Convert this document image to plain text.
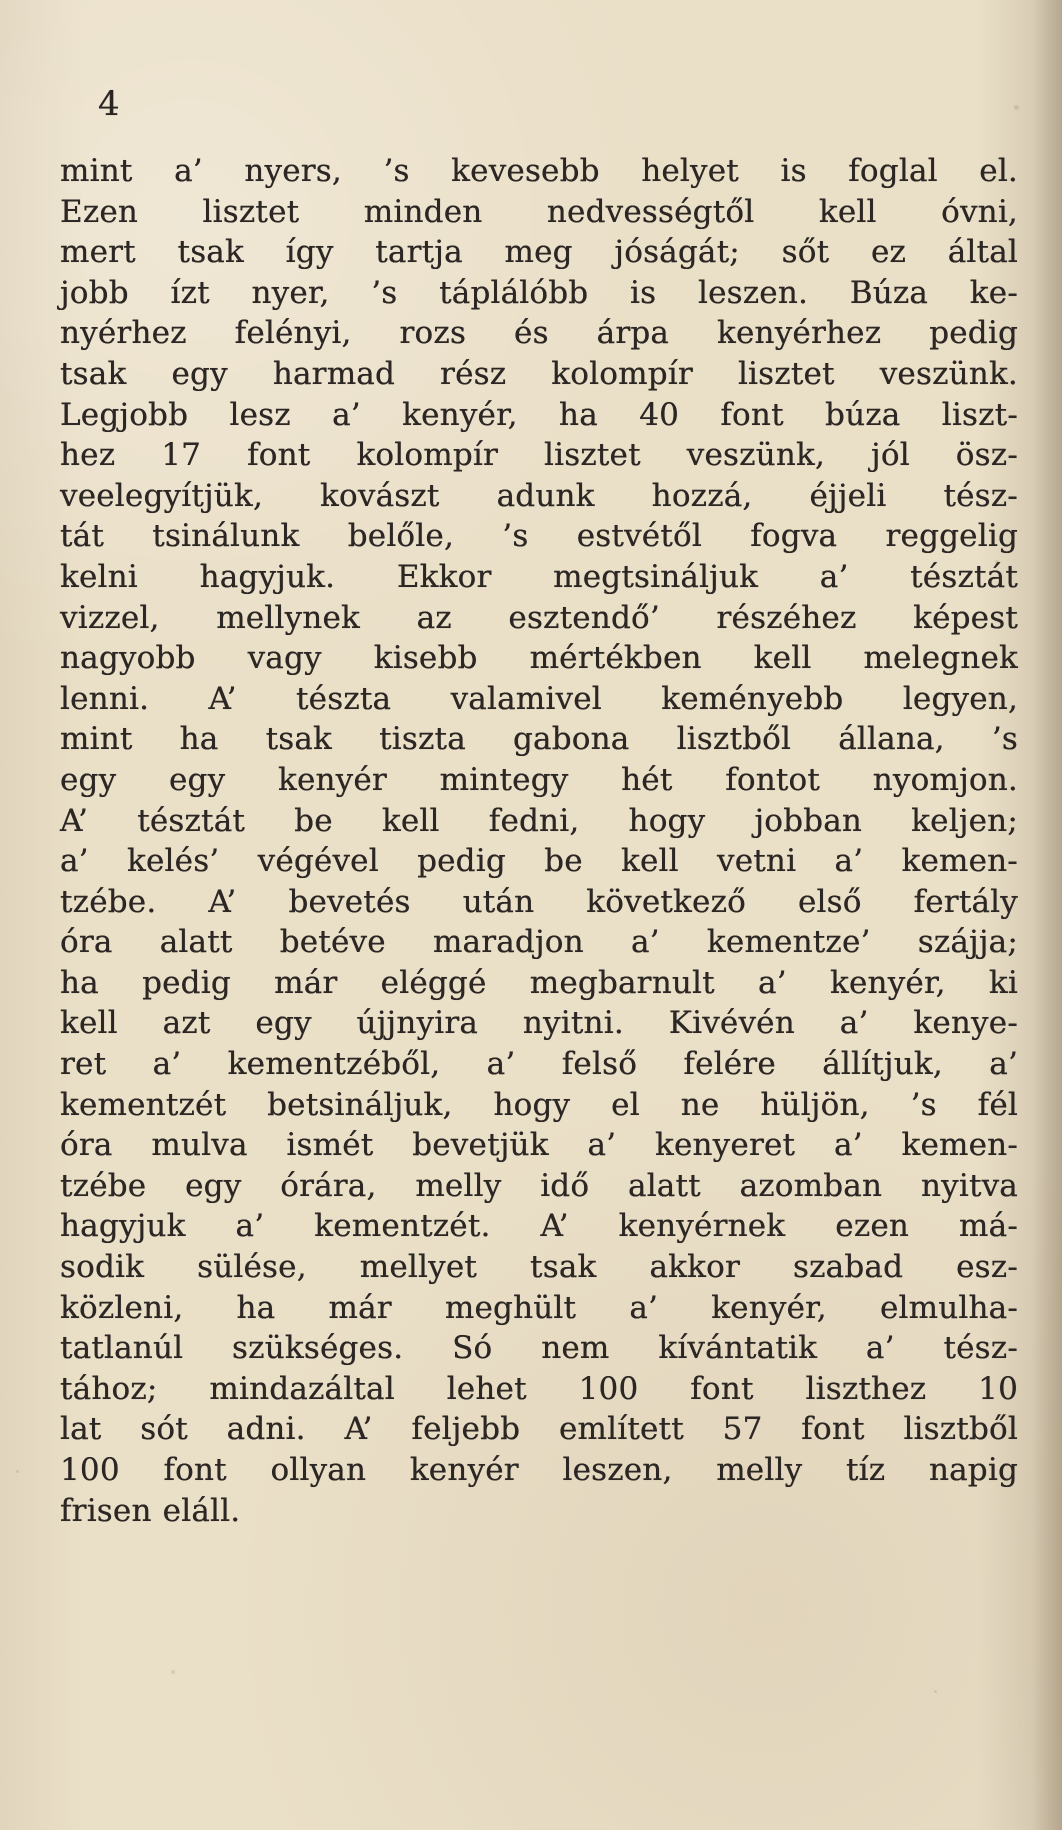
4
mint a’ nyers, ’s kevesebb helyet is foglal el.
Ezen lisztet minden nedvességtől kell óvni,
mert tsak így tartja meg jóságát; sőt ez által
jobb ízt nyer, ’s táplálóbb is leszen. Búza ke-
nyérhez felényi, rozs és árpa kenyérhez pedig
tsak egy harmad rész kolompír lisztet veszünk.
Legjobb lesz a’ kenyér, ha 40 font búza liszt-
hez 17 font kolompír lisztet veszünk, jól ösz-
veelegyítjük, kovászt adunk hozzá, éjjeli tész-
tát tsinálunk belőle, ’s estvétől fogva reggelig
kelni hagyjuk. Ekkor megtsináljuk a’ tésztát
vizzel, mellynek az esztendő’ részéhez képest
nagyobb vagy kisebb mértékben kell melegnek
lenni. A’ tészta valamivel keményebb legyen,
mint ha tsak tiszta gabona lisztből állana, ’s
egy egy kenyér mintegy hét fontot nyomjon.
A’ tésztát be kell fedni, hogy jobban keljen;
a’ kelés’ végével pedig be kell vetni a’ kemen-
tzébe. A’ bevetés után következő első fertály
óra alatt betéve maradjon a’ kementze’ szájja;
ha pedig már eléggé megbarnult a’ kenyér, ki
kell azt egy újjnyira nyitni. Kivévén a’ kenye-
ret a’ kementzéből, a’ felső felére állítjuk, a’
kementzét betsináljuk, hogy el ne hüljön, ’s fél
óra mulva ismét bevetjük a’ kenyeret a’ kemen-
tzébe egy órára, melly idő alatt azomban nyitva
hagyjuk a’ kementzét. A’ kenyérnek ezen má-
sodik sülése, mellyet tsak akkor szabad esz-
közleni, ha már meghült a’ kenyér, elmulha-
tatlanúl szükséges. Só nem kívántatik a’ tész-
tához; mindazáltal lehet 100 font liszthez 10
lat sót adni. A’ feljebb említett 57 font lisztből
100 font ollyan kenyér leszen, melly tíz napig
frisen eláll.
